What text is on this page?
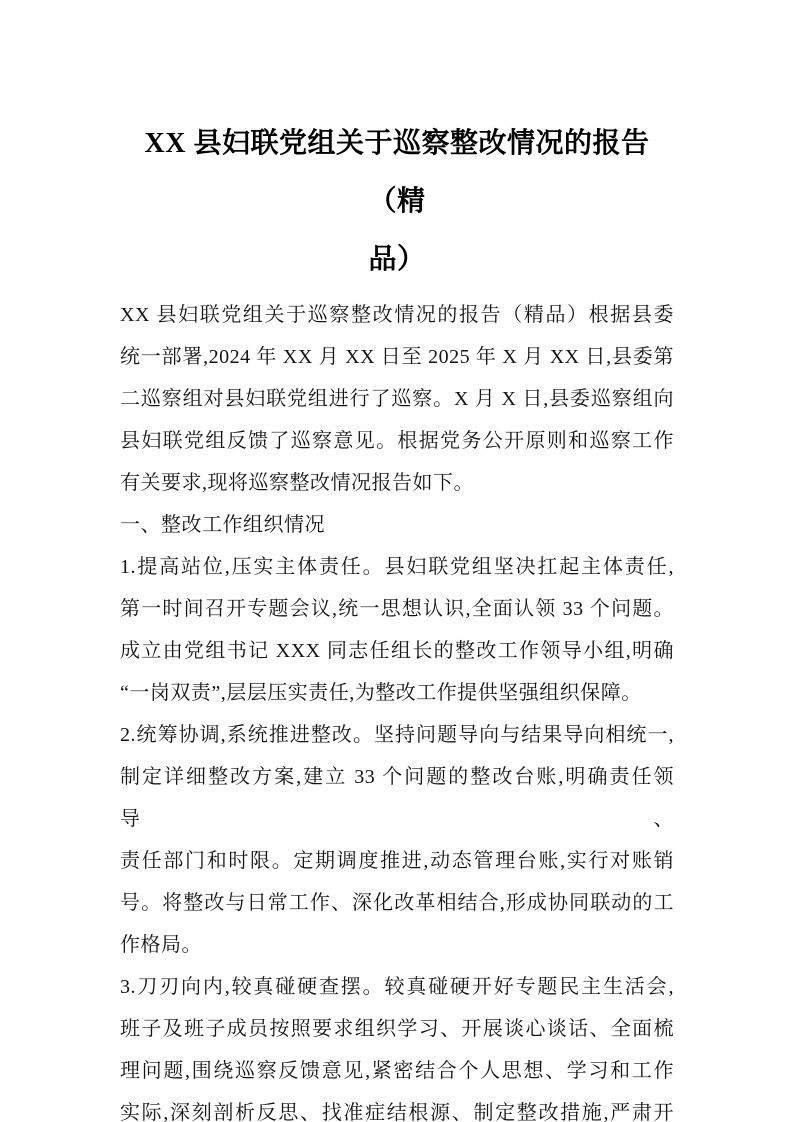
XX 县妇联党组关于巡察整改情况的报告（精
品）
XX 县妇联党组关于巡察整改情况的报告（精品）根据县委
统一部署,2024 年 XX 月 XX 日至 2025 年 X 月 XX 日,县委第
二巡察组对县妇联党组进行了巡察。X 月 X 日,县委巡察组向
县妇联党组反馈了巡察意见。根据党务公开原则和巡察工作
有关要求,现将巡察整改情况报告如下。
一、整改工作组织情况
1.提高站位,压实主体责任。县妇联党组坚决扛起主体责任,
第一时间召开专题会议,统一思想认识,全面认领 33 个问题。
成立由党组书记 XXX 同志任组长的整改工作领导小组,明确
“一岗双责”,层层压实责任,为整改工作提供坚强组织保障。
2.统筹协调,系统推进整改。坚持问题导向与结果导向相统一,
制定详细整改方案,建立 33 个问题的整改台账,明确责任领导、
责任部门和时限。定期调度推进,动态管理台账,实行对账销
号。将整改与日常工作、深化改革相结合,形成协同联动的工
作格局。
3.刀刃向内,较真碰硬查摆。较真碰硬开好专题民主生活会,
班子及班子成员按照要求组织学习、开展谈心谈话、全面梳
理问题,围绕巡察反馈意见,紧密结合个人思想、学习和工作
实际,深刻剖析反思、找准症结根源、制定整改措施,严肃开
